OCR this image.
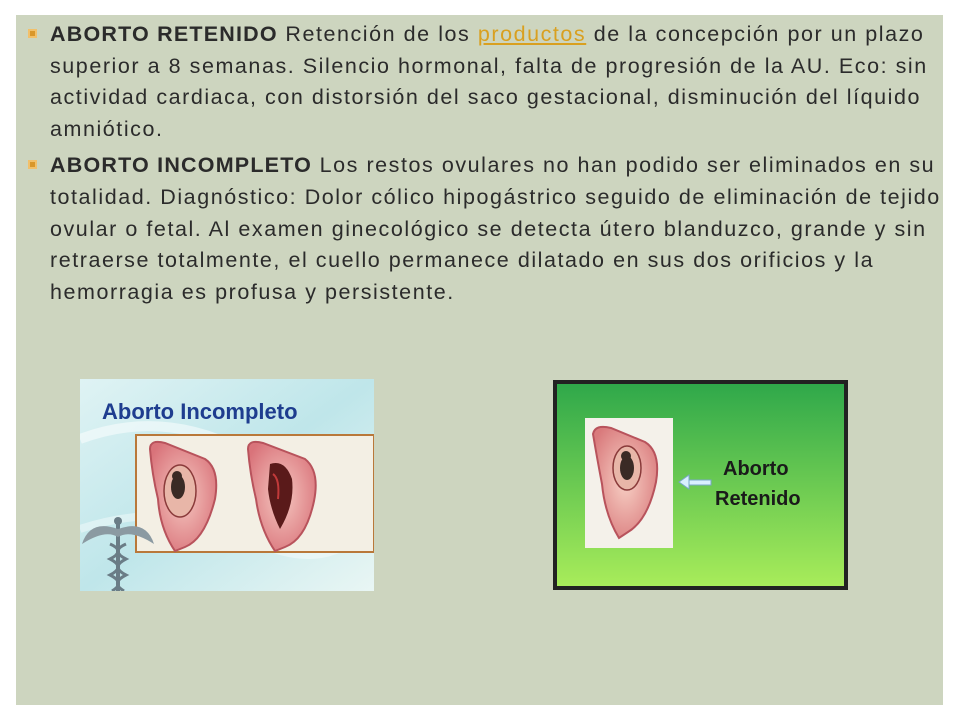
ABORTO RETENIDO Retención de los productos de la concepción por un plazo superior a 8 semanas. Silencio hormonal, falta de progresión de la AU. Eco: sin actividad cardiaca, con distorsión del saco gestacional, disminución del líquido amniótico.
ABORTO INCOMPLETO Los restos ovulares no han podido ser eliminados en su totalidad. Diagnóstico: Dolor cólico hipogástrico seguido de eliminación de tejido ovular o fetal. Al examen ginecológico se detecta útero blanduzco, grande y sin retraerse totalmente, el cuello permanece dilatado en sus dos orificios y la hemorragia es profusa y persistente.
Aborto Incompleto
Aborto
Retenido
